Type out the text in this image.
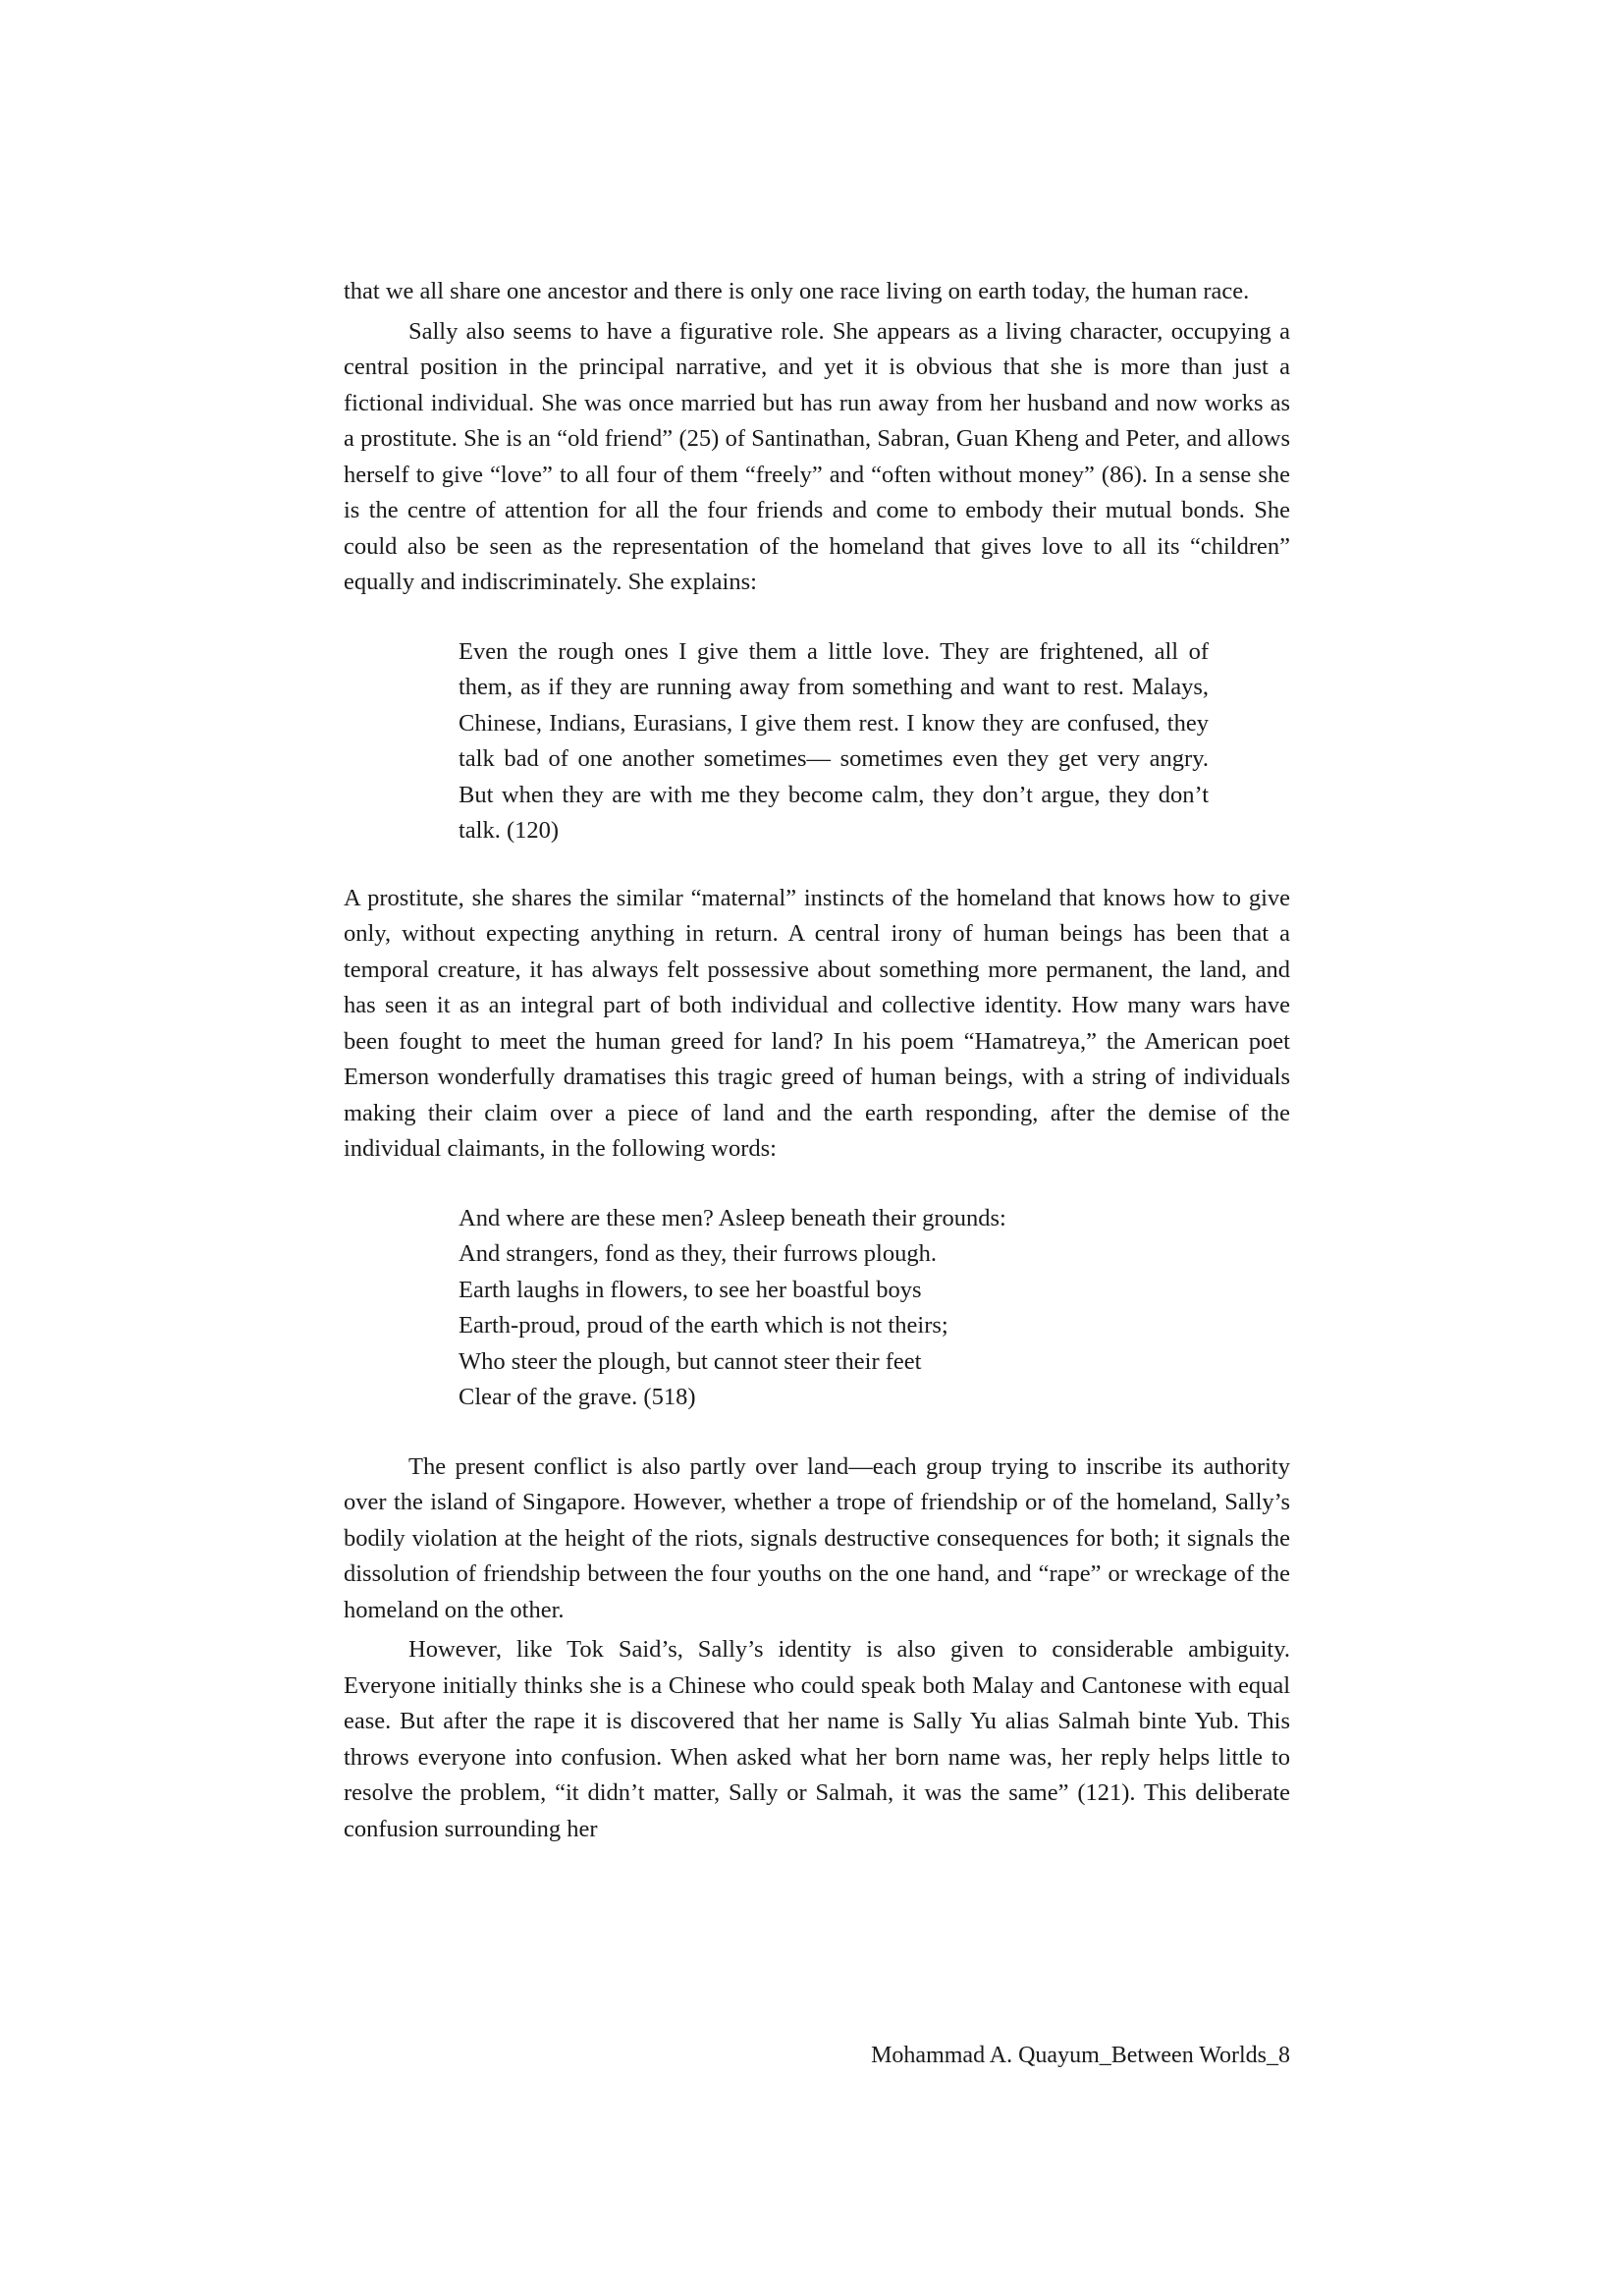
that we all share one ancestor and there is only one race living on earth today, the human race.

Sally also seems to have a figurative role. She appears as a living character, occupying a central position in the principal narrative, and yet it is obvious that she is more than just a fictional individual. She was once married but has run away from her husband and now works as a prostitute. She is an “old friend” (25) of Santinathan, Sabran, Guan Kheng and Peter, and allows herself to give “love” to all four of them “freely” and “often without money” (86). In a sense she is the centre of attention for all the four friends and come to embody their mutual bonds. She could also be seen as the representation of the homeland that gives love to all its “children” equally and indiscriminately. She explains:

Even the rough ones I give them a little love. They are frightened, all of them, as if they are running away from something and want to rest. Malays, Chinese, Indians, Eurasians, I give them rest. I know they are confused, they talk bad of one another sometimes— sometimes even they get very angry. But when they are with me they become calm, they don’t argue, they don’t talk. (120)

A prostitute, she shares the similar “maternal” instincts of the homeland that knows how to give only, without expecting anything in return. A central irony of human beings has been that a temporal creature, it has always felt possessive about something more permanent, the land, and has seen it as an integral part of both individual and collective identity. How many wars have been fought to meet the human greed for land? In his poem “Hamatreya,” the American poet Emerson wonderfully dramatises this tragic greed of human beings, with a string of individuals making their claim over a piece of land and the earth responding, after the demise of the individual claimants, in the following words:

And where are these men? Asleep beneath their grounds:
And strangers, fond as they, their furrows plough.
Earth laughs in flowers, to see her boastful boys
Earth-proud, proud of the earth which is not theirs;
Who steer the plough, but cannot steer their feet
Clear of the grave. (518)

The present conflict is also partly over land—each group trying to inscribe its authority over the island of Singapore. However, whether a trope of friendship or of the homeland, Sally’s bodily violation at the height of the riots, signals destructive consequences for both; it signals the dissolution of friendship between the four youths on the one hand, and “rape” or wreckage of the homeland on the other.

However, like Tok Said’s, Sally’s identity is also given to considerable ambiguity. Everyone initially thinks she is a Chinese who could speak both Malay and Cantonese with equal ease. But after the rape it is discovered that her name is Sally Yu alias Salmah binte Yub. This throws everyone into confusion. When asked what her born name was, her reply helps little to resolve the problem, “it didn’t matter, Sally or Salmah, it was the same” (121). This deliberate confusion surrounding her

Mohammad A. Quayum_Between Worlds_8
